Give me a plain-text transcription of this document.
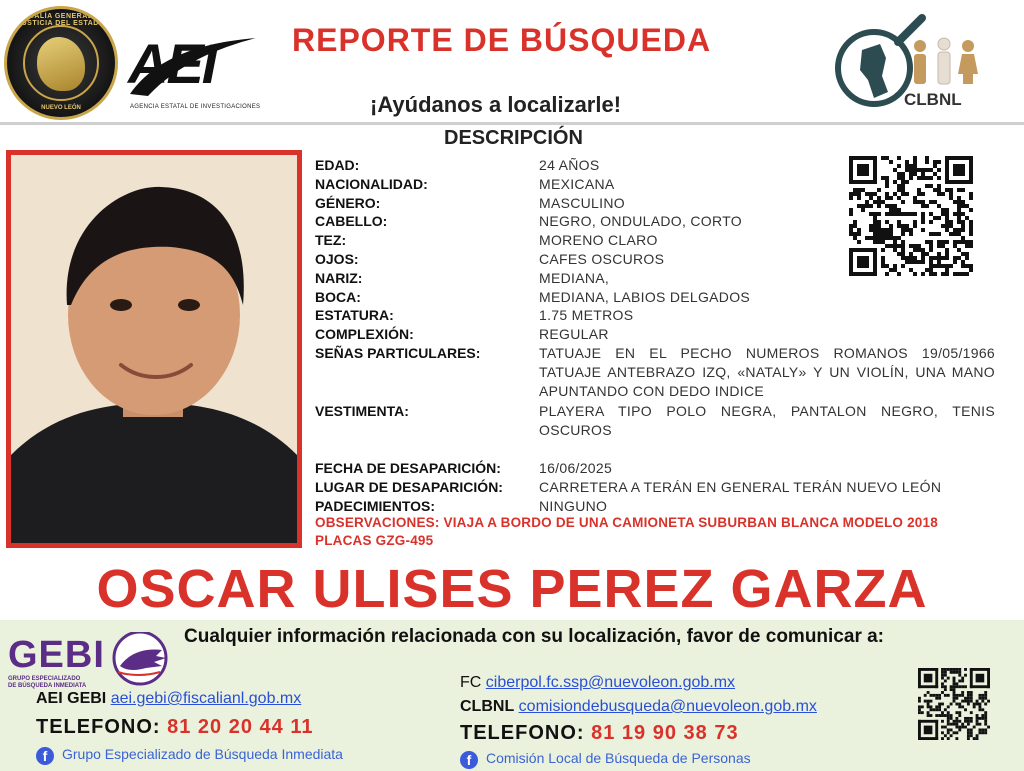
FISCALÍA GENERAL DE JUSTICIA DEL ESTADO
NUEVO LEÓN
AEI
AGENCIA ESTATAL DE INVESTIGACIONES
REPORTE DE BÚSQUEDA
¡Ayúdanos a localizarle!	CLBNL
DESCRIPCIÓN
EDAD:	24 AÑOS
NACIONALIDAD:	MEXICANA
GÉNERO:	MASCULINO
CABELLO:	NEGRO, ONDULADO, CORTO
TEZ:	MORENO CLARO
OJOS:	CAFES OSCUROS
NARIZ:	MEDIANA,
BOCA:	MEDIANA, LABIOS DELGADOS
ESTATURA:	1.75 METROS
COMPLEXIÓN:	REGULAR
SEÑAS PARTICULARES:	TATUAJE EN EL PECHO NUMEROS ROMANOS 19/05/1966 TATUAJE ANTEBRAZO IZQ, «NATALY» Y UN VIOLÍN, UNA MANO APUNTANDO CON DEDO INDICE
VESTIMENTA:	PLAYERA TIPO POLO NEGRA, PANTALON NEGRO, TENIS OSCUROS
FECHA DE DESAPARICIÓN:	16/06/2025
LUGAR DE DESAPARICIÓN:	CARRETERA A TERÁN EN GENERAL TERÁN NUEVO LEÓN
PADECIMIENTOS:	NINGUNO
OBSERVACIONES: VIAJA A BORDO DE UNA CAMIONETA SUBURBAN BLANCA MODELO 2018 PLACAS GZG-495
OSCAR ULISES PEREZ GARZA
Cualquier información relacionada con su localización, favor de comunicar a:
GEBI
GRUPO ESPECIALIZADO
DE BÚSQUEDA INMEDIATA
AEI GEBI aei.gebi@fiscalianl.gob.mx
TELEFONO: 81 20 20 44 11
f Grupo Especializado de Búsqueda Inmediata
FC ciberpol.fc.ssp@nuevoleon.gob.mx
CLBNL comisiondebusqueda@nuevoleon.gob.mx
TELEFONO: 81 19 90 38 73
f Comisión Local de Búsqueda de Personas
